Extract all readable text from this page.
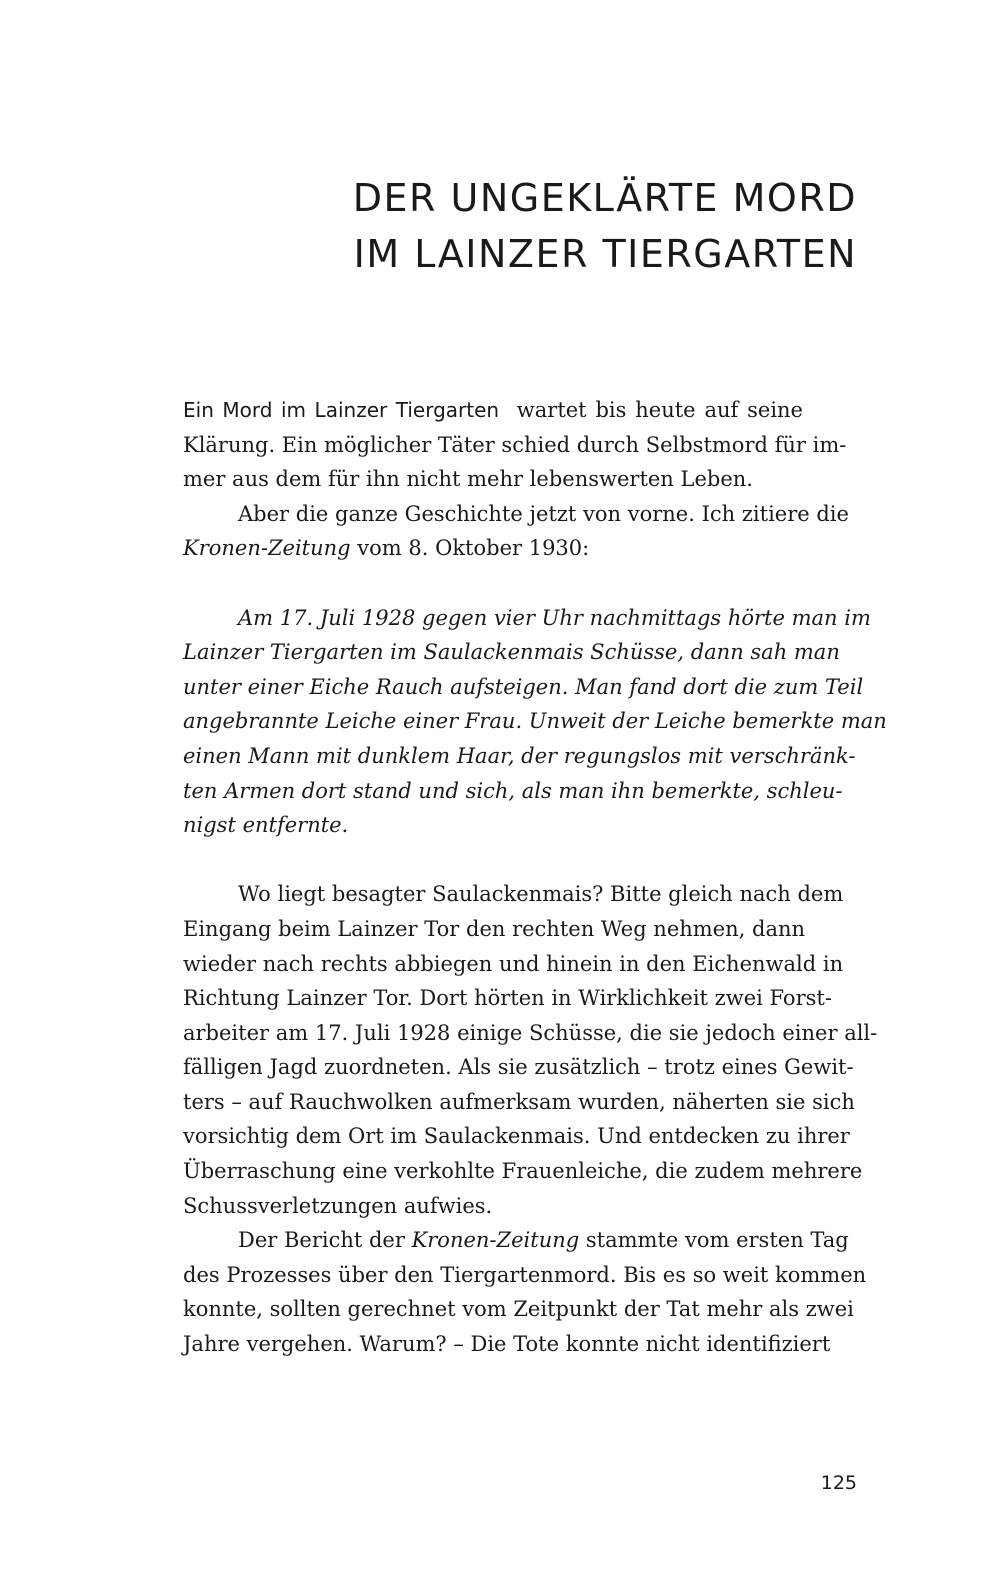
DER UNGEKLÄRTE MORD
IM LAINZER TIERGARTEN
Ein Mord im Lainzer Tiergarten wartet bis heute auf seine
Klärung. Ein möglicher Täter schied durch Selbstmord für im-
mer aus dem für ihn nicht mehr lebenswerten Leben.
Aber die ganze Geschichte jetzt von vorne. Ich zitiere die
Kronen-Zeitung vom 8. Oktober 1930:
Am 17. Juli 1928 gegen vier Uhr nachmittags hörte man im
Lainzer Tiergarten im Saulackenmais Schüsse, dann sah man
unter einer Eiche Rauch aufsteigen. Man fand dort die zum Teil
angebrannte Leiche einer Frau. Unweit der Leiche bemerkte man
einen Mann mit dunklem Haar, der regungslos mit verschränk-
ten Armen dort stand und sich, als man ihn bemerkte, schleu-
nigst entfernte.
Wo liegt besagter Saulackenmais? Bitte gleich nach dem
Eingang beim Lainzer Tor den rechten Weg nehmen, dann
wieder nach rechts abbiegen und hinein in den Eichenwald in
Richtung Lainzer Tor. Dort hörten in Wirklichkeit zwei Forst-
arbeiter am 17. Juli 1928 einige Schüsse, die sie jedoch einer all-
fälligen Jagd zuordneten. Als sie zusätzlich – trotz eines Gewit-
ters – auf Rauchwolken aufmerksam wurden, näherten sie sich
vorsichtig dem Ort im Saulackenmais. Und entdecken zu ihrer
Überraschung eine verkohlte Frauenleiche, die zudem mehrere
Schussverletzungen aufwies.
Der Bericht der Kronen-Zeitung stammte vom ersten Tag
des Prozesses über den Tiergartenmord. Bis es so weit kommen
konnte, sollten gerechnet vom Zeitpunkt der Tat mehr als zwei
Jahre vergehen. Warum? – Die Tote konnte nicht identifiziert
125
